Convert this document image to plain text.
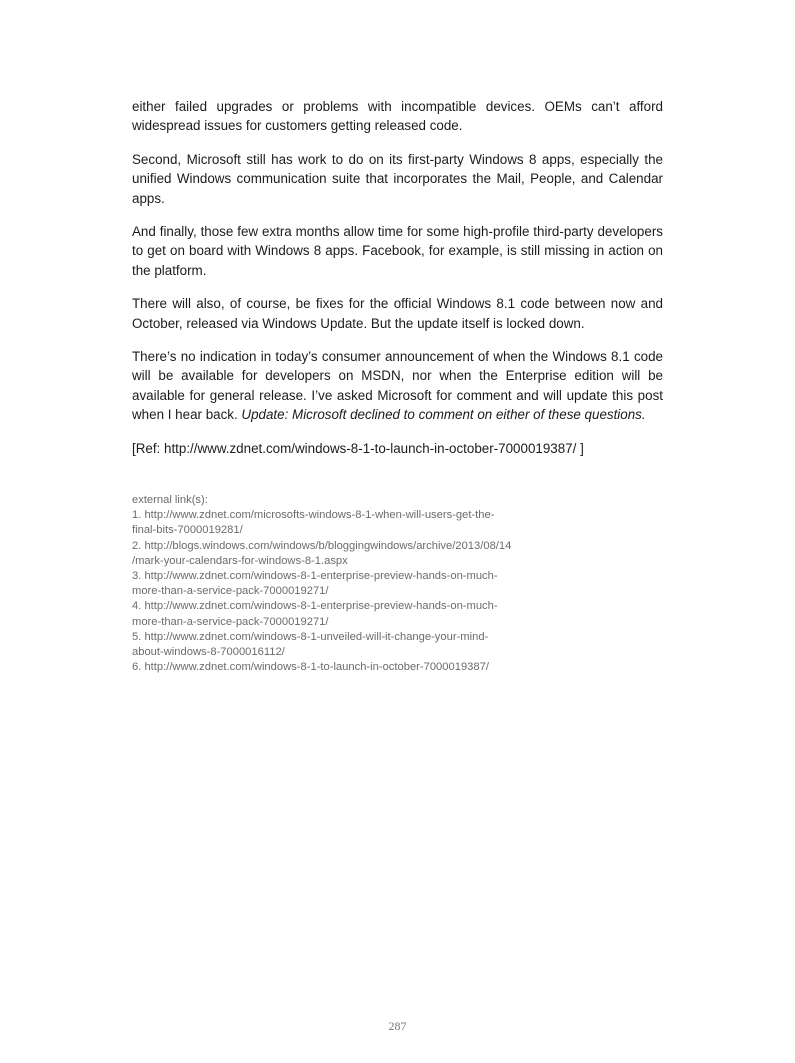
either failed upgrades or problems with incompatible devices. OEMs can’t afford widespread issues for customers getting released code.

Second, Microsoft still has work to do on its first-party Windows 8 apps, especially the unified Windows communication suite that incorporates the Mail, People, and Calendar apps.

And finally, those few extra months allow time for some high-profile third-party developers to get on board with Windows 8 apps. Facebook, for example, is still missing in action on the platform.

There will also, of course, be fixes for the official Windows 8.1 code between now and October, released via Windows Update. But the update itself is locked down.

There’s no indication in today’s consumer announcement of when the Windows 8.1 code will be available for developers on MSDN, nor when the Enterprise edition will be available for general release. I’ve asked Microsoft for comment and will update this post when I hear back. Update: Microsoft declined to comment on either of these questions.

[Ref: http://www.zdnet.com/windows-8-1-to-launch-in-october-7000019387/ ]

external link(s):
1. http://www.zdnet.com/microsofts-windows-8-1-when-will-users-get-the-
final-bits-7000019281/
2. http://blogs.windows.com/windows/b/bloggingwindows/archive/2013/08/14
/mark-your-calendars-for-windows-8-1.aspx
3. http://www.zdnet.com/windows-8-1-enterprise-preview-hands-on-much-
more-than-a-service-pack-7000019271/
4. http://www.zdnet.com/windows-8-1-enterprise-preview-hands-on-much-
more-than-a-service-pack-7000019271/
5. http://www.zdnet.com/windows-8-1-unveiled-will-it-change-your-mind-
about-windows-8-7000016112/
6. http://www.zdnet.com/windows-8-1-to-launch-in-october-7000019387/
287
